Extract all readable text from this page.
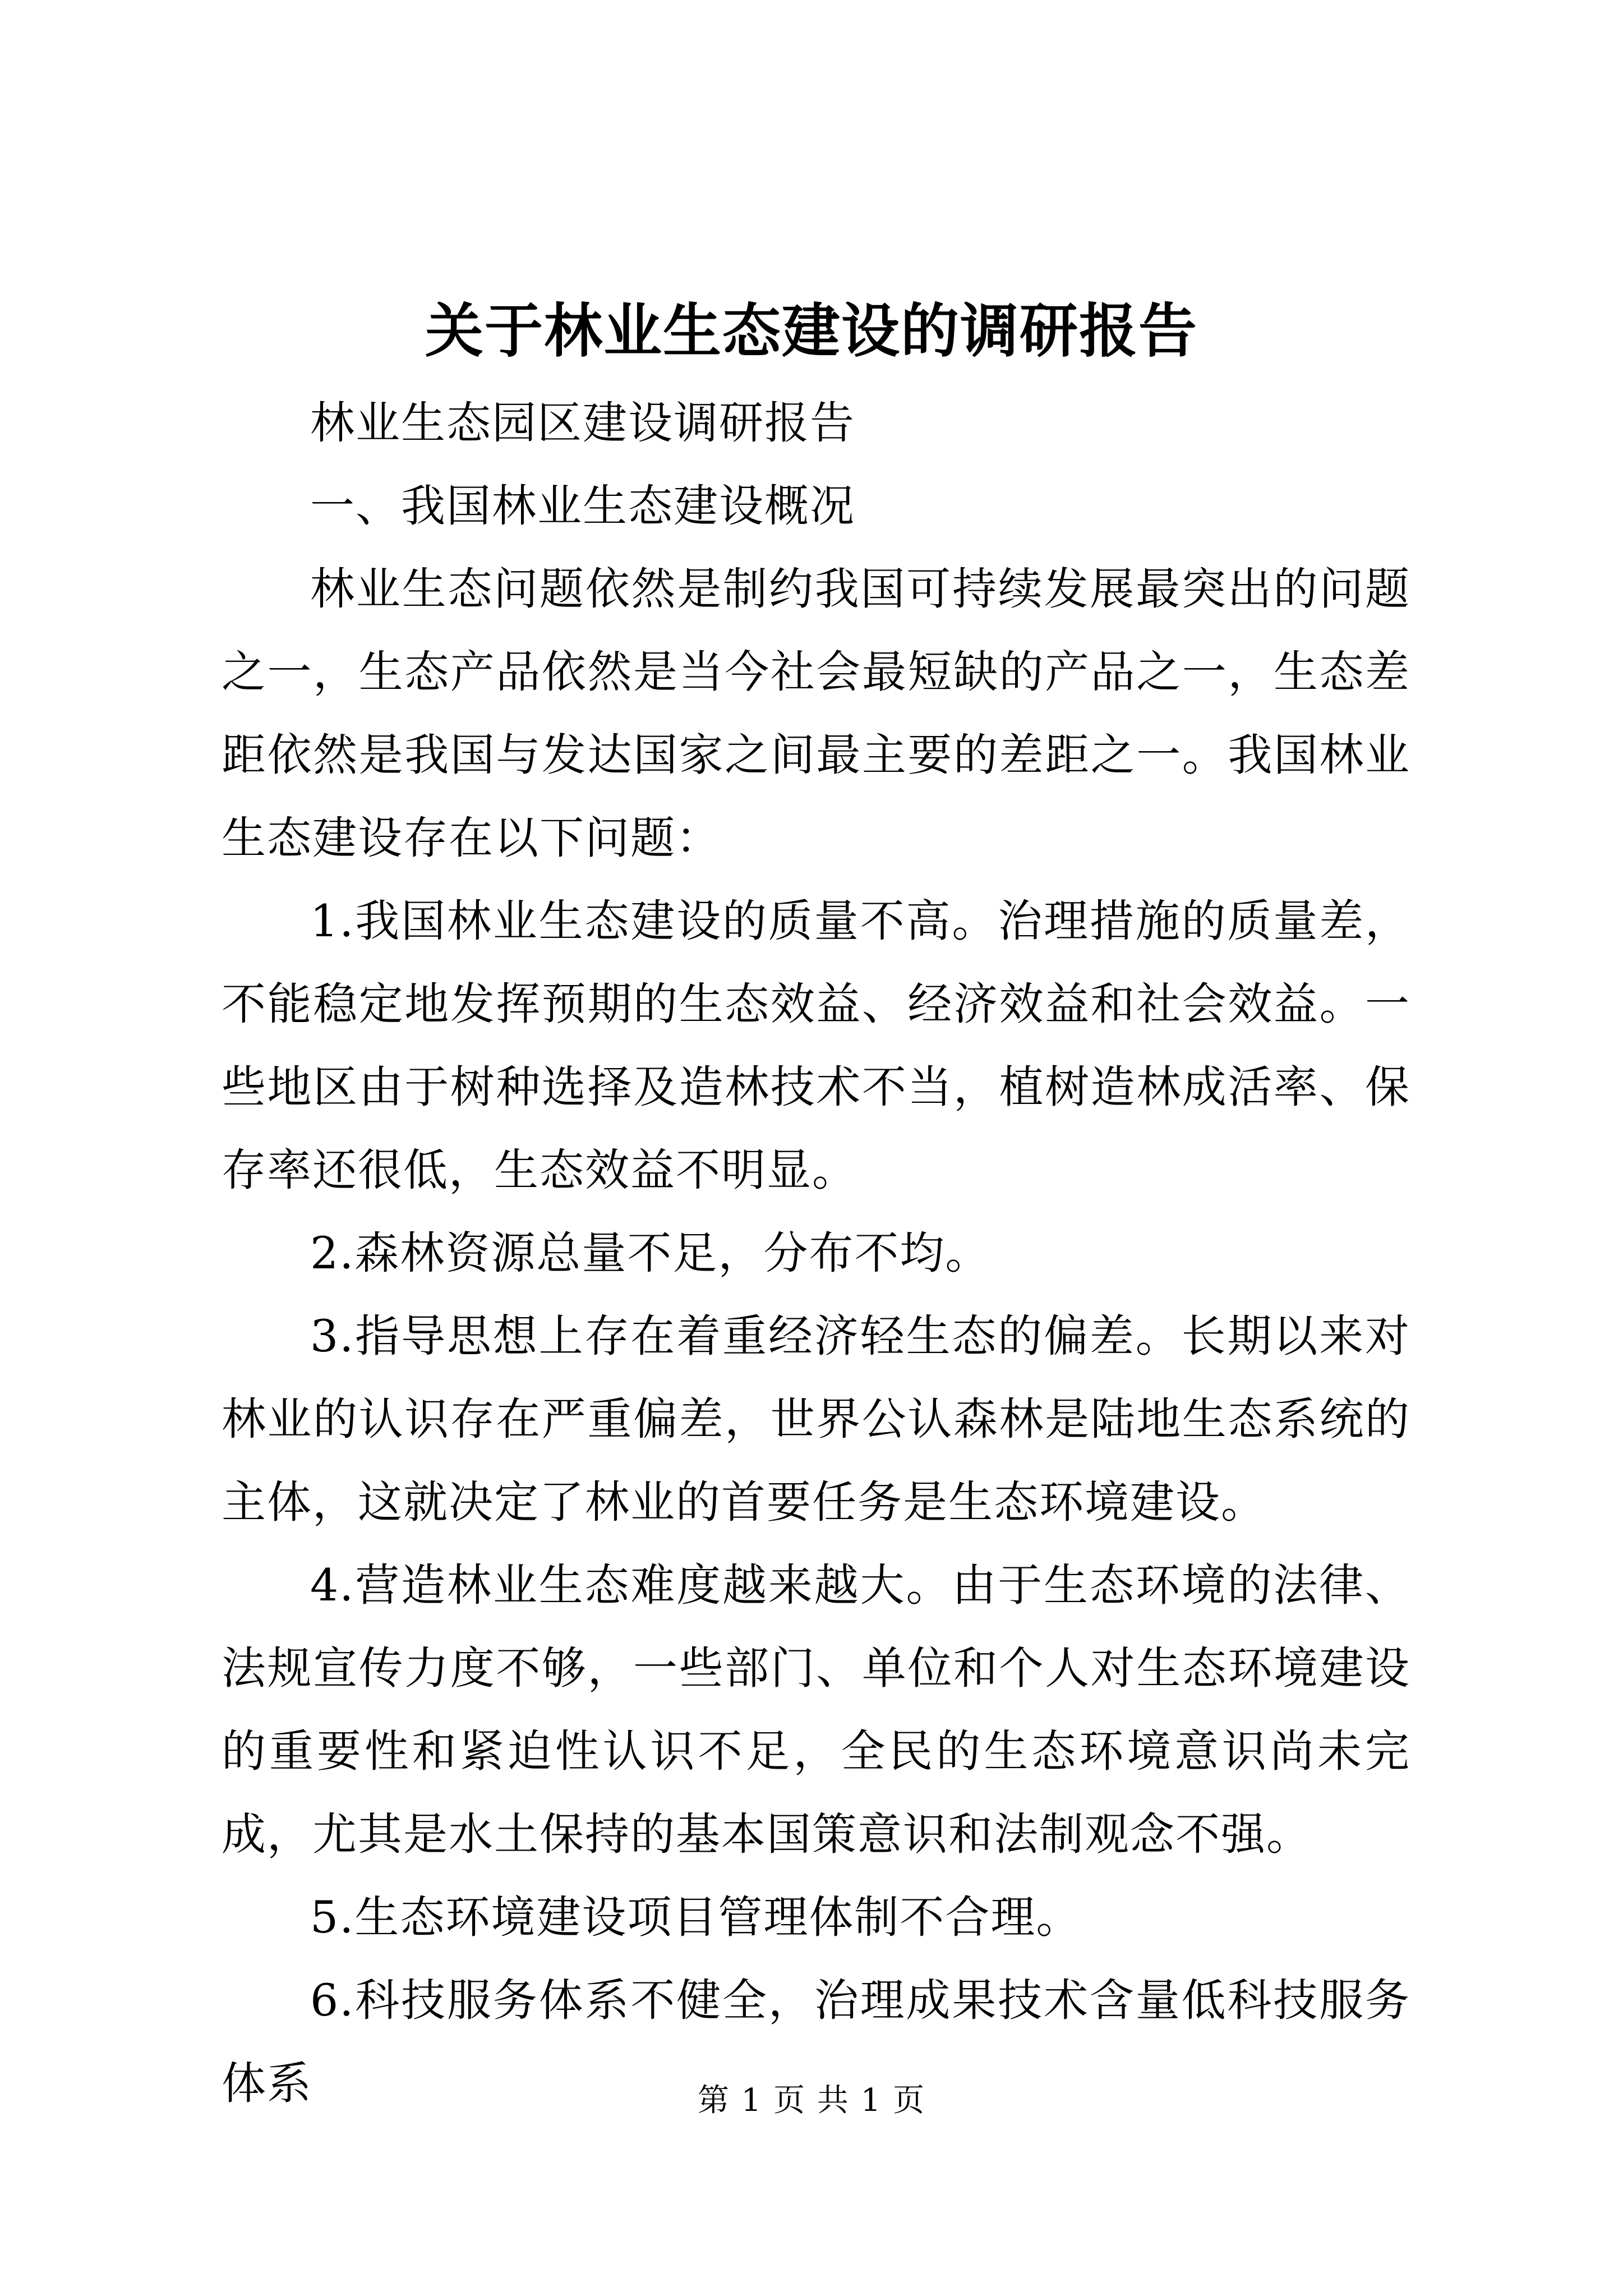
关于林业生态建设的调研报告

林业生态园区建设调研报告

一、我国林业生态建设概况

林业生态问题依然是制约我国可持续发展最突出的问题之一，生态产品依然是当今社会最短缺的产品之一，生态差距依然是我国与发达国家之间最主要的差距之一。我国林业生态建设存在以下问题：

1.我国林业生态建设的质量不高。治理措施的质量差，不能稳定地发挥预期的生态效益、经济效益和社会效益。一些地区由于树种选择及造林技术不当，植树造林成活率、保存率还很低，生态效益不明显。

2.森林资源总量不足，分布不均。

3.指导思想上存在着重经济轻生态的偏差。长期以来对林业的认识存在严重偏差，世界公认森林是陆地生态系统的主体，这就决定了林业的首要任务是生态环境建设。

4.营造林业生态难度越来越大。由于生态环境的法律、法规宣传力度不够，一些部门、单位和个人对生态环境建设的重要性和紧迫性认识不足，全民的生态环境意识尚未完成，尤其是水土保持的基本国策意识和法制观念不强。

5.生态环境建设项目管理体制不合理。

6.科技服务体系不健全，治理成果技术含量低科技服务体系	第 1 页 共 1 页
